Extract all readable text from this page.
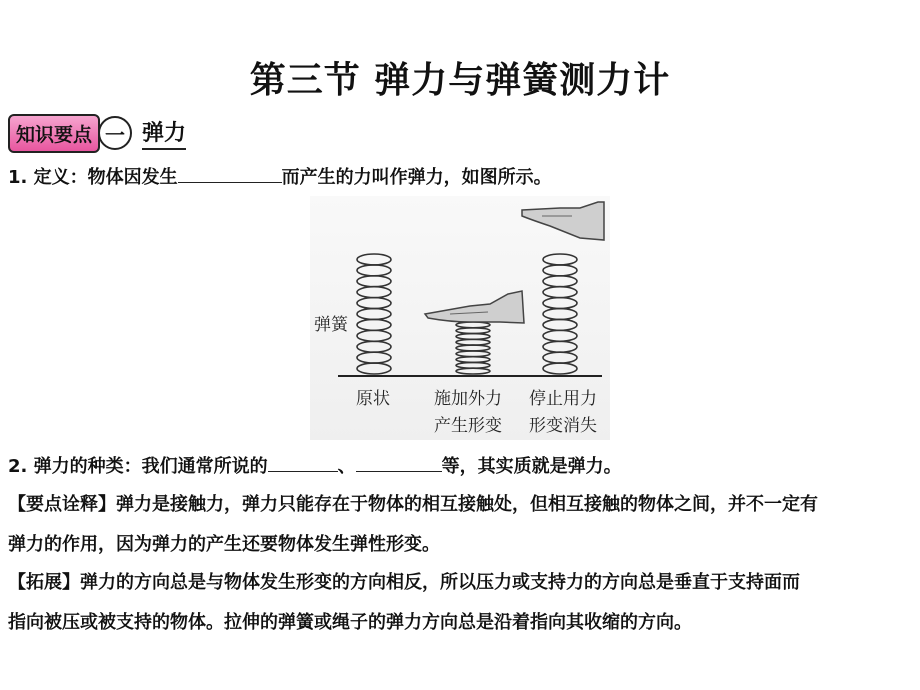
第三节 弹力与弹簧测力计
知识要点 一 弹力
1. 定义：物体因发生	而产生的力叫作弹力，如图所示。
弹簧
原状	施加外力
产生形变
停止用力
形变消失
2. 弹力的种类：我们通常所说的	、	等，其实质就是弹力。
【要点诠释】弹力是接触力，弹力只能存在于物体的相互接触处，但相互接触的物体之间，并不一定有
弹力的作用，因为弹力的产生还要物体发生弹性形变。
【拓展】弹力的方向总是与物体发生形变的方向相反，所以压力或支持力的方向总是垂直于支持面而
指向被压或被支持的物体。拉伸的弹簧或绳子的弹力方向总是沿着指向其收缩的方向。
